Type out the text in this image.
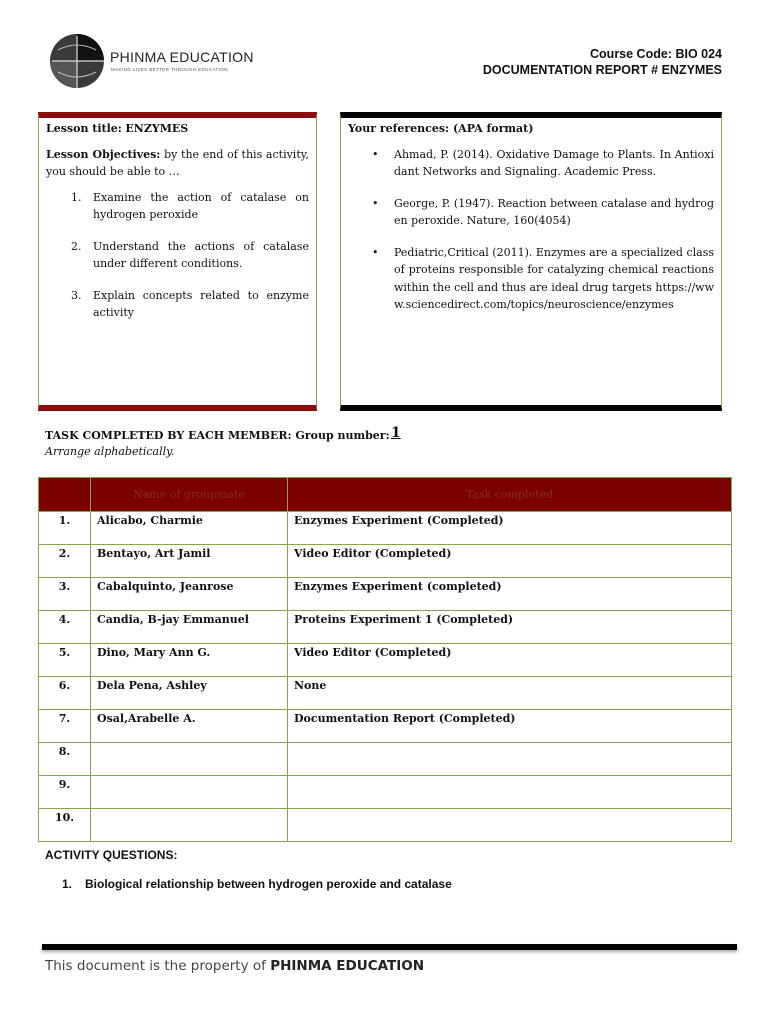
PHINMA EDUCATION
MAKING LIVES BETTER THROUGH EDUCATION
Course Code: BIO 024
DOCUMENTATION REPORT # ENZYMES

Lesson title: ENZYMES

Lesson Objectives: by the end of this activity, you should be able to …

1. Examine the action of catalase on hydrogen peroxide
2. Understand the actions of catalase under different conditions.
3. Explain concepts related to enzyme activity

Your references: (APA format)

• Ahmad, P. (2014). Oxidative Damage to Plants. In Antioxidant Networks and Signaling. Academic Press.
• George, P. (1947). Reaction between catalase and hydrogen peroxide. Nature, 160(4054)
• Pediatric,Critical (2011). Enzymes are a specialized class of proteins responsible for catalyzing chemical reactions within the cell and thus are ideal drug targets https://www.sciencedirect.com/topics/neuroscience/enzymes
TASK COMPLETED BY EACH MEMBER: Group number: 1
Arrange alphabetically.
	Name of groupmate	Task completed
1.	Alicabo, Charmie	Enzymes Experiment (Completed)
2.	Bentayo, Art Jamil	Video Editor (Completed)
3.	Cabalquinto, Jeanrose	Enzymes Experiment (completed)
4.	Candia, B-jay Emmanuel	Proteins Experiment 1 (Completed)
5.	Dino, Mary Ann G.	Video Editor (Completed)
6.	Dela Pena, Ashley	None
7.	Osal,Arabelle A.	Documentation Report (Completed)
8.		
9.		
10.		
ACTIVITY QUESTIONS:
1. Biological relationship between hydrogen peroxide and catalase
This document is the property of PHINMA EDUCATION
